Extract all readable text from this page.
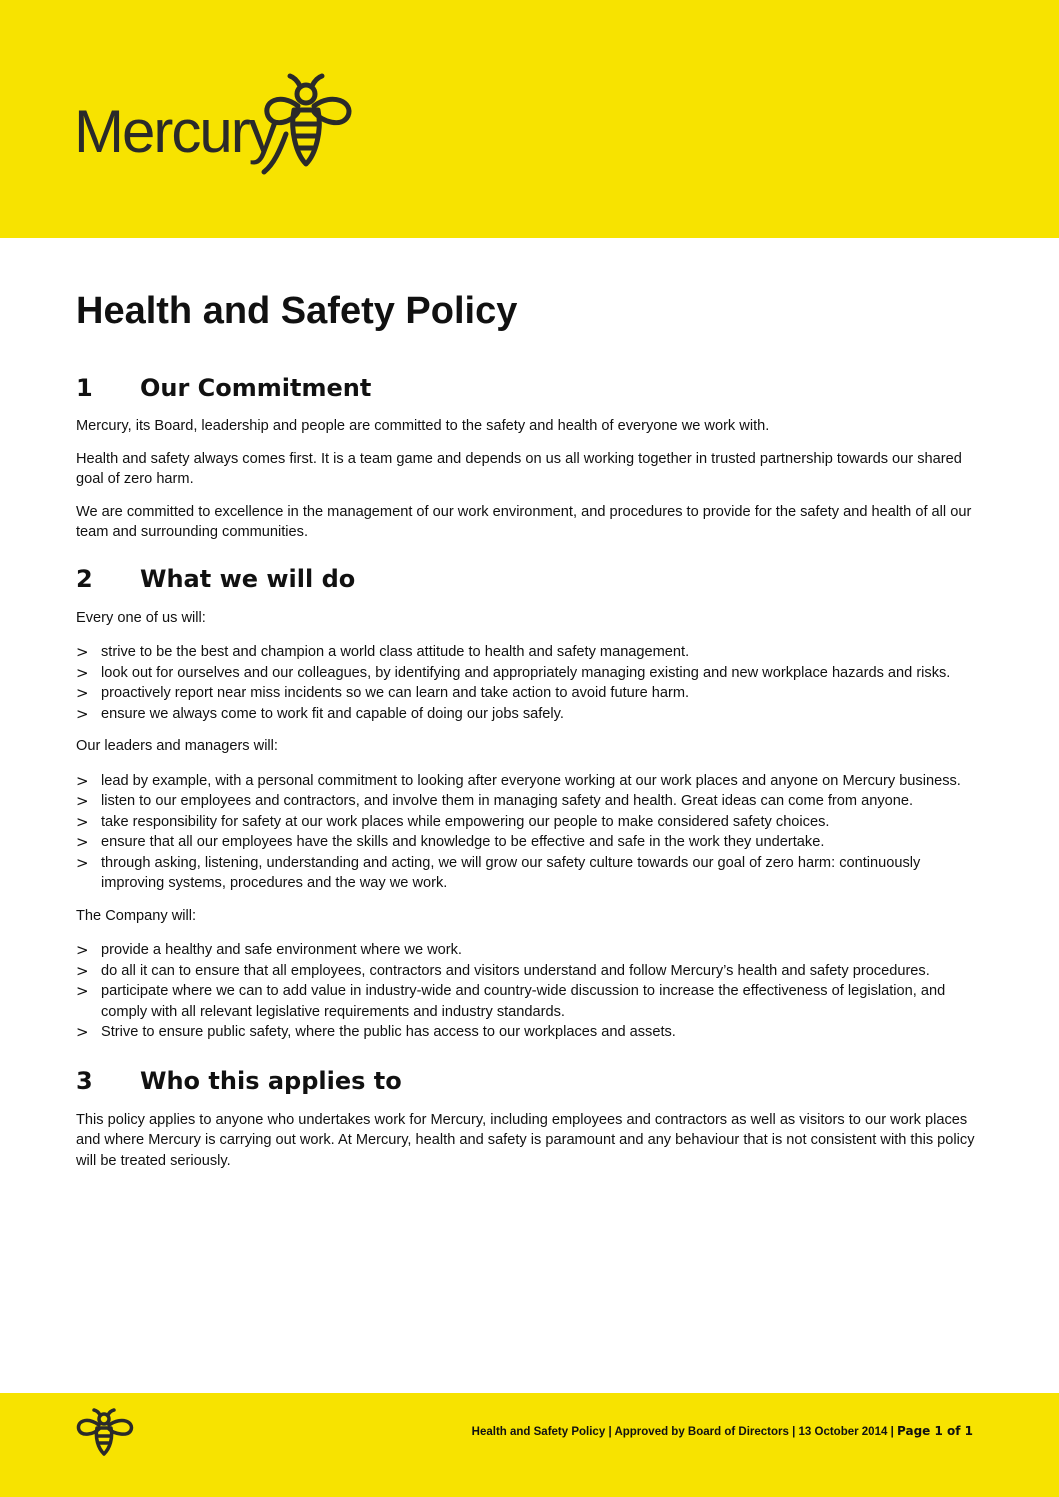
Mercury
Health and Safety Policy
1	Our Commitment

Mercury, its Board, leadership and people are committed to the safety and health of everyone we work with.

Health and safety always comes first. It is a team game and depends on us all working together in trusted partnership towards our shared goal of zero harm.

We are committed to excellence in the management of our work environment, and procedures to provide for the safety and health of all our team and surrounding communities.

2	What we will do

Every one of us will:

> strive to be the best and champion a world class attitude to health and safety management.
> look out for ourselves and our colleagues, by identifying and appropriately managing existing and new workplace hazards and risks.
> proactively report near miss incidents so we can learn and take action to avoid future harm.
> ensure we always come to work fit and capable of doing our jobs safely.

Our leaders and managers will:

> lead by example, with a personal commitment to looking after everyone working at our work places and anyone on Mercury business.
> listen to our employees and contractors, and involve them in managing safety and health. Great ideas can come from anyone.
> take responsibility for safety at our work places while empowering our people to make considered safety choices.
> ensure that all our employees have the skills and knowledge to be effective and safe in the work they undertake.
> through asking, listening, understanding and acting, we will grow our safety culture towards our goal of zero harm: continuously improving systems, procedures and the way we work.

The Company will:

> provide a healthy and safe environment where we work.
> do all it can to ensure that all employees, contractors and visitors understand and follow Mercury’s health and safety procedures.
> participate where we can to add value in industry-wide and country-wide discussion to increase the effectiveness of legislation, and comply with all relevant legislative requirements and industry standards.
> Strive to ensure public safety, where the public has access to our workplaces and assets.
3	Who this applies to

This policy applies to anyone who undertakes work for Mercury, including employees and contractors as well as visitors to our work places and where Mercury is carrying out work. At Mercury, health and safety is paramount and any behaviour that is not consistent with this policy will be treated seriously.

Health and Safety Policy | Approved by Board of Directors | 13 October 2014 | Page 1 of 1
